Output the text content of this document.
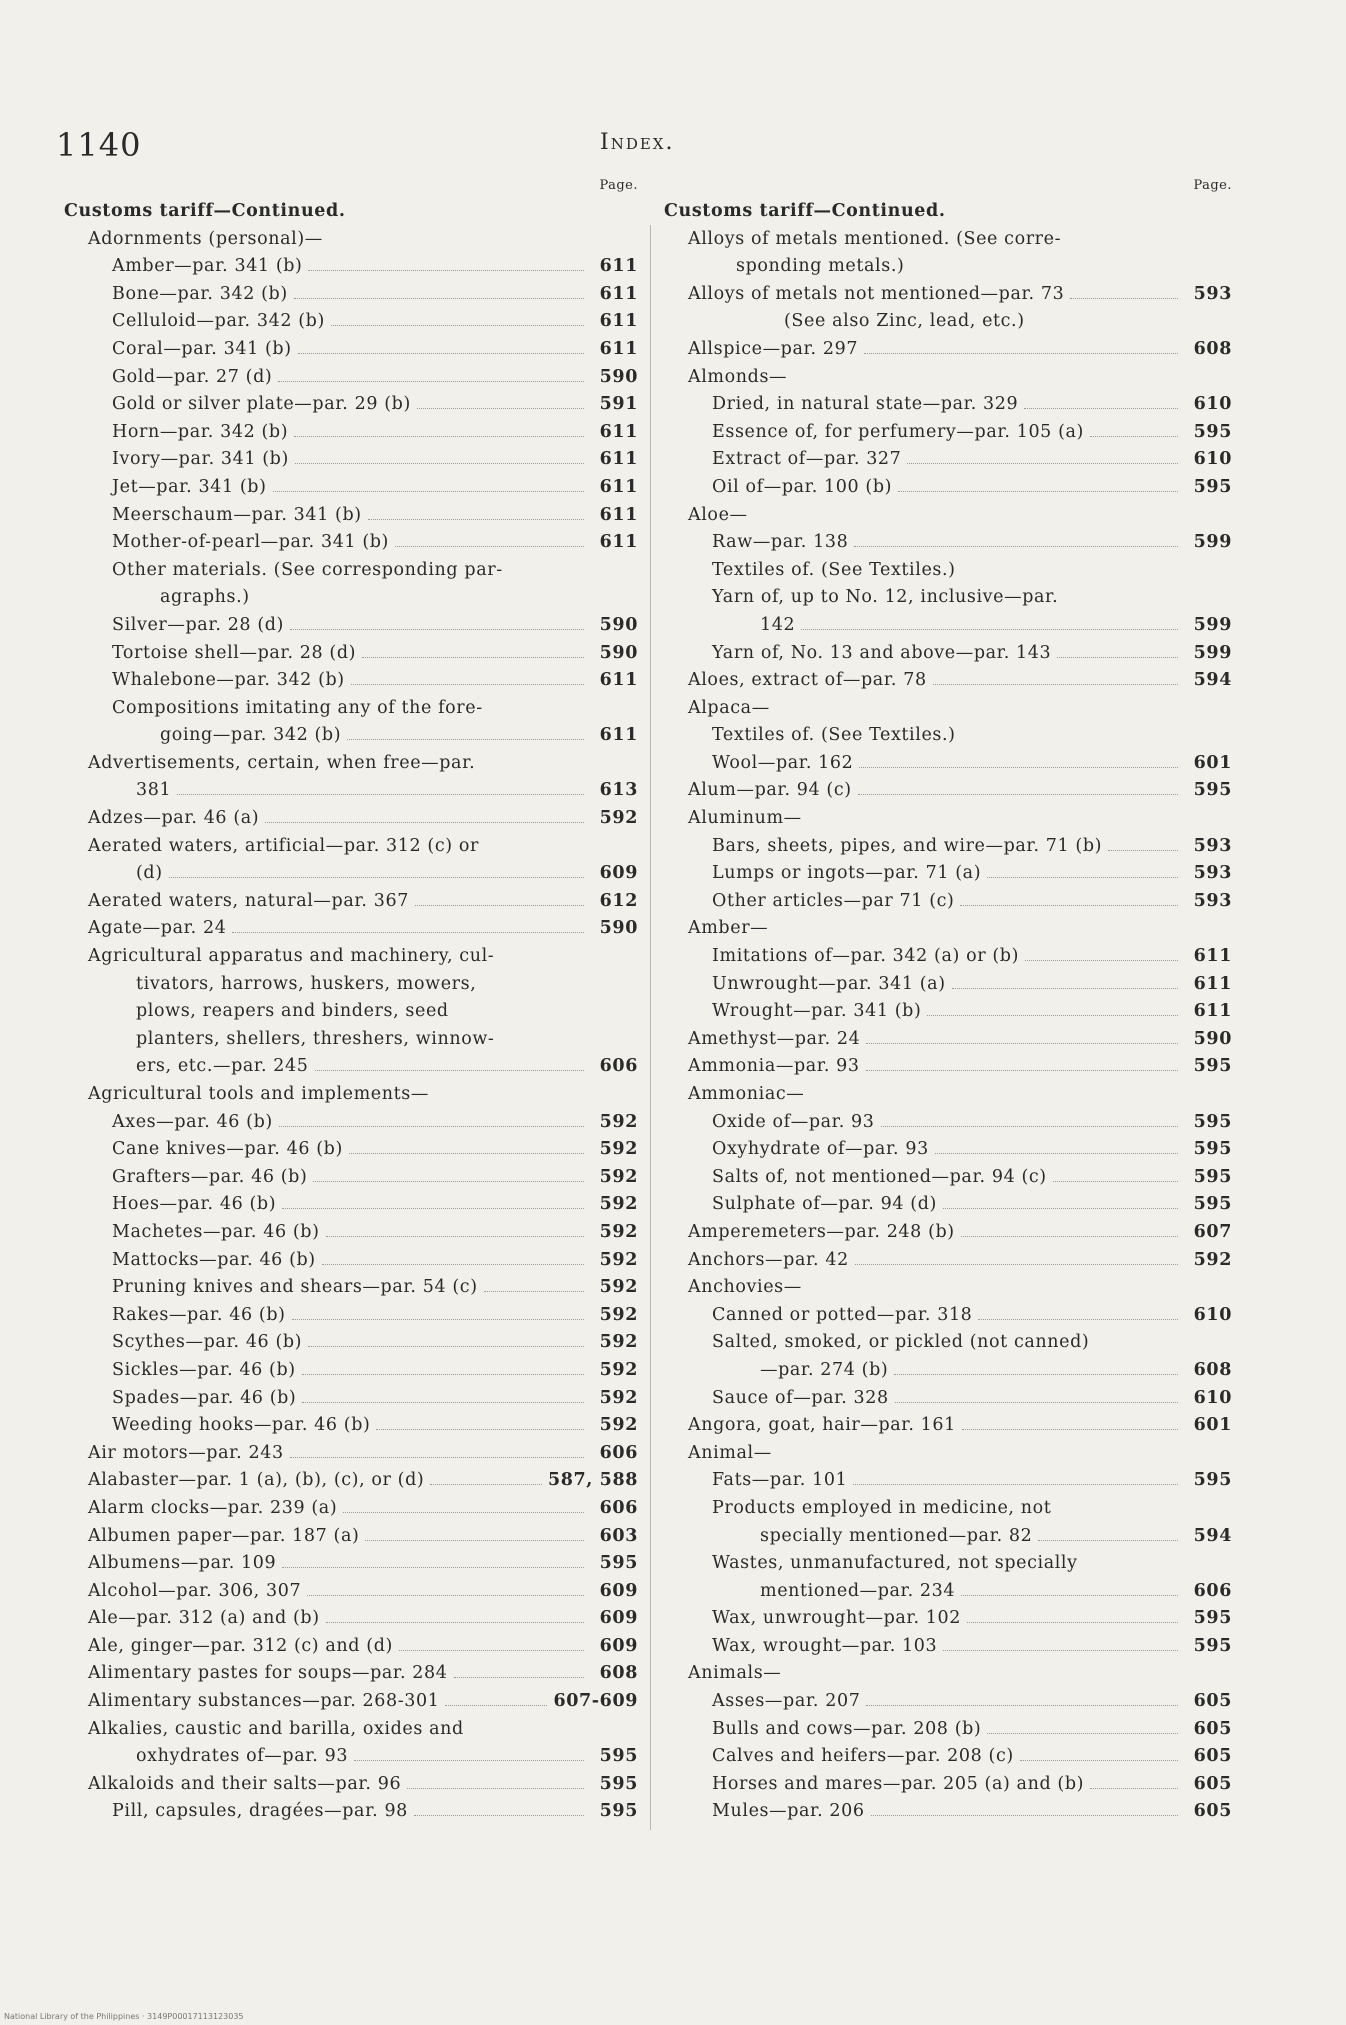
1140	Index.
Page.
Customs tariff—Continued.
Adornments (personal)—
Amber—par. 341 (b)	611
Bone—par. 342 (b)	611
Celluloid—par. 342 (b)	611
Coral—par. 341 (b)	611
Gold—par. 27 (d)	590
Gold or silver plate—par. 29 (b)	591
Horn—par. 342 (b)	611
Ivory—par. 341 (b)	611
Jet—par. 341 (b)	611
Meerschaum—par. 341 (b)	611
Mother-of-pearl—par. 341 (b)	611
Other materials. (See corresponding par-
agraphs.)
Silver—par. 28 (d)	590
Tortoise shell—par. 28 (d)	590
Whalebone—par. 342 (b)	611
Compositions imitating any of the fore-
going—par. 342 (b)	611
Advertisements, certain, when free—par.
381	613
Adzes—par. 46 (a)	592
Aerated waters, artificial—par. 312 (c) or
(d)	609
Aerated waters, natural—par. 367	612
Agate—par. 24	590
Agricultural apparatus and machinery, cul-
tivators, harrows, huskers, mowers,
plows, reapers and binders, seed
planters, shellers, threshers, winnow-
ers, etc.—par. 245	606
Agricultural tools and implements—
Axes—par. 46 (b)	592
Cane knives—par. 46 (b)	592
Grafters—par. 46 (b)	592
Hoes—par. 46 (b)	592
Machetes—par. 46 (b)	592
Mattocks—par. 46 (b)	592
Pruning knives and shears—par. 54 (c)	592
Rakes—par. 46 (b)	592
Scythes—par. 46 (b)	592
Sickles—par. 46 (b)	592
Spades—par. 46 (b)	592
Weeding hooks—par. 46 (b)	592
Air motors—par. 243	606
Alabaster—par. 1 (a), (b), (c), or (d)	587, 588
Alarm clocks—par. 239 (a)	606
Albumen paper—par. 187 (a)	603
Albumens—par. 109	595
Alcohol—par. 306, 307	609
Ale—par. 312 (a) and (b)	609
Ale, ginger—par. 312 (c) and (d)	609
Alimentary pastes for soups—par. 284	608
Alimentary substances—par. 268-301	607-609
Alkalies, caustic and barilla, oxides and
oxhydrates of—par. 93	595
Alkaloids and their salts—par. 96	595
Pill, capsules, dragées—par. 98	595
Page.
Customs tariff—Continued.
Alloys of metals mentioned. (See corre-
sponding metals.)
Alloys of metals not mentioned—par. 73	593
(See also Zinc, lead, etc.)
Allspice—par. 297	608
Almonds—
Dried, in natural state—par. 329	610
Essence of, for perfumery—par. 105 (a)	595
Extract of—par. 327	610
Oil of—par. 100 (b)	595
Aloe—
Raw—par. 138	599
Textiles of. (See Textiles.)
Yarn of, up to No. 12, inclusive—par.
142	599
Yarn of, No. 13 and above—par. 143	599
Aloes, extract of—par. 78	594
Alpaca—
Textiles of. (See Textiles.)
Wool—par. 162	601
Alum—par. 94 (c)	595
Aluminum—
Bars, sheets, pipes, and wire—par. 71 (b)	593
Lumps or ingots—par. 71 (a)	593
Other articles—par 71 (c)	593
Amber—
Imitations of—par. 342 (a) or (b)	611
Unwrought—par. 341 (a)	611
Wrought—par. 341 (b)	611
Amethyst—par. 24	590
Ammonia—par. 93	595
Ammoniac—
Oxide of—par. 93	595
Oxyhydrate of—par. 93	595
Salts of, not mentioned—par. 94 (c)	595
Sulphate of—par. 94 (d)	595
Amperemeters—par. 248 (b)	607
Anchors—par. 42	592
Anchovies—
Canned or potted—par. 318	610
Salted, smoked, or pickled (not canned)
—par. 274 (b)	608
Sauce of—par. 328	610
Angora, goat, hair—par. 161	601
Animal—
Fats—par. 101	595
Products employed in medicine, not
specially mentioned—par. 82	594
Wastes, unmanufactured, not specially
mentioned—par. 234	606
Wax, unwrought—par. 102	595
Wax, wrought—par. 103	595
Animals—
Asses—par. 207	605
Bulls and cows—par. 208 (b)	605
Calves and heifers—par. 208 (c)	605
Horses and mares—par. 205 (a) and (b)	605
Mules—par. 206	605
National Library of the Philippines · 3149P00017113123035
